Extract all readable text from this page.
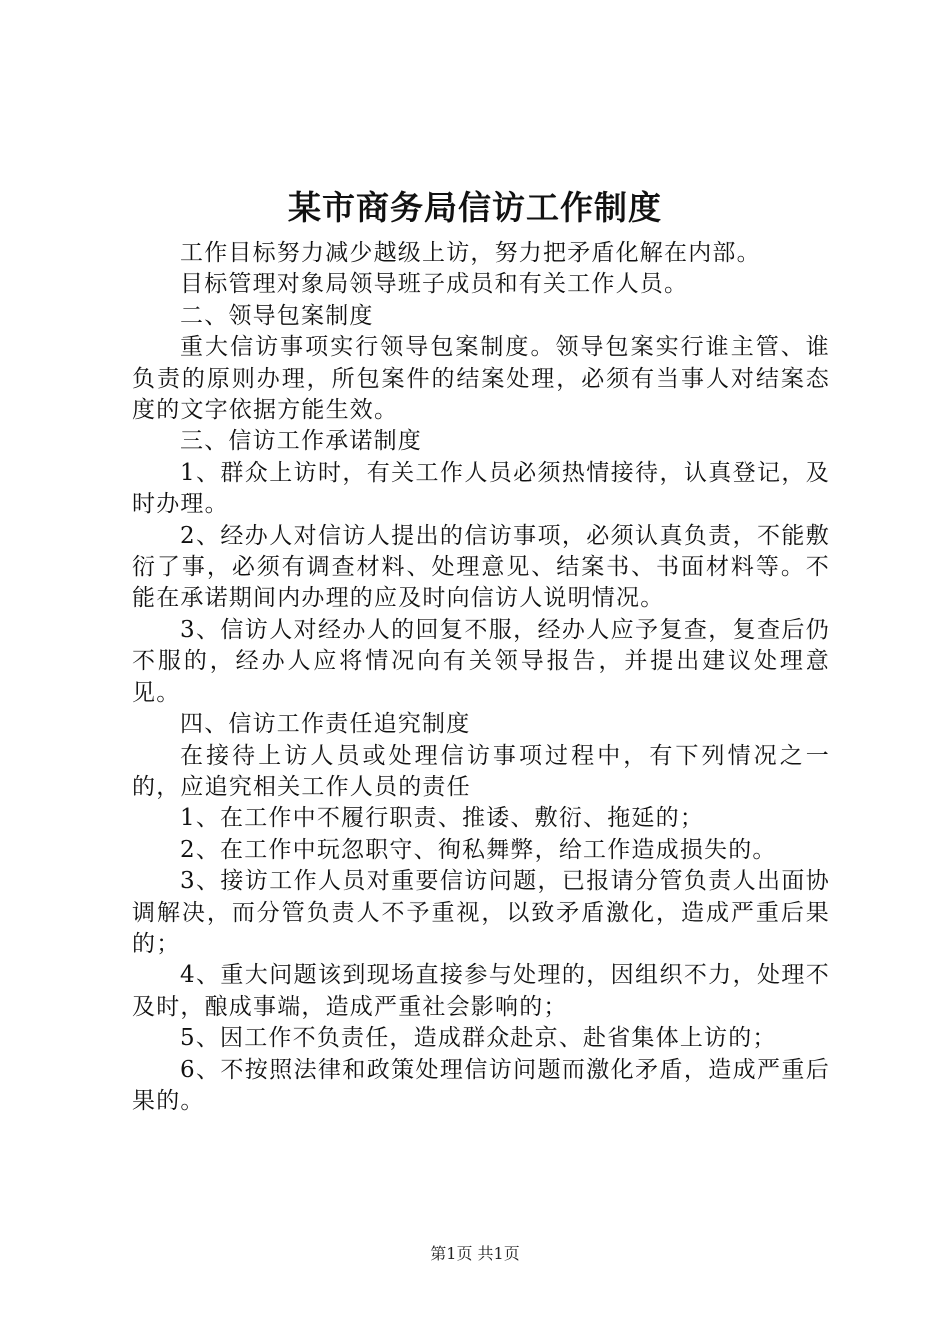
某市商务局信访工作制度

工作目标努力减少越级上访，努力把矛盾化解在内部。

目标管理对象局领导班子成员和有关工作人员。

二、领导包案制度

重大信访事项实行领导包案制度。领导包案实行谁主管、谁负责的原则办理，所包案件的结案处理，必须有当事人对结案态度的文字依据方能生效。

三、信访工作承诺制度

1、群众上访时，有关工作人员必须热情接待，认真登记，及时办理。

2、经办人对信访人提出的信访事项，必须认真负责，不能敷衍了事，必须有调查材料、处理意见、结案书、书面材料等。不能在承诺期间内办理的应及时向信访人说明情况。

3、信访人对经办人的回复不服，经办人应予复查，复查后仍不服的，经办人应将情况向有关领导报告，并提出建议处理意见。

四、信访工作责任追究制度

在接待上访人员或处理信访事项过程中，有下列情况之一的，应追究相关工作人员的责任

1、在工作中不履行职责、推诿、敷衍、拖延的；

2、在工作中玩忽职守、徇私舞弊，给工作造成损失的。

3、接访工作人员对重要信访问题，已报请分管负责人出面协调解决，而分管负责人不予重视，以致矛盾激化，造成严重后果的；

4、重大问题该到现场直接参与处理的，因组织不力，处理不及时，酿成事端，造成严重社会影响的；

5、因工作不负责任，造成群众赴京、赴省集体上访的；

6、不按照法律和政策处理信访问题而激化矛盾，造成严重后果的。

第1页 共1页
